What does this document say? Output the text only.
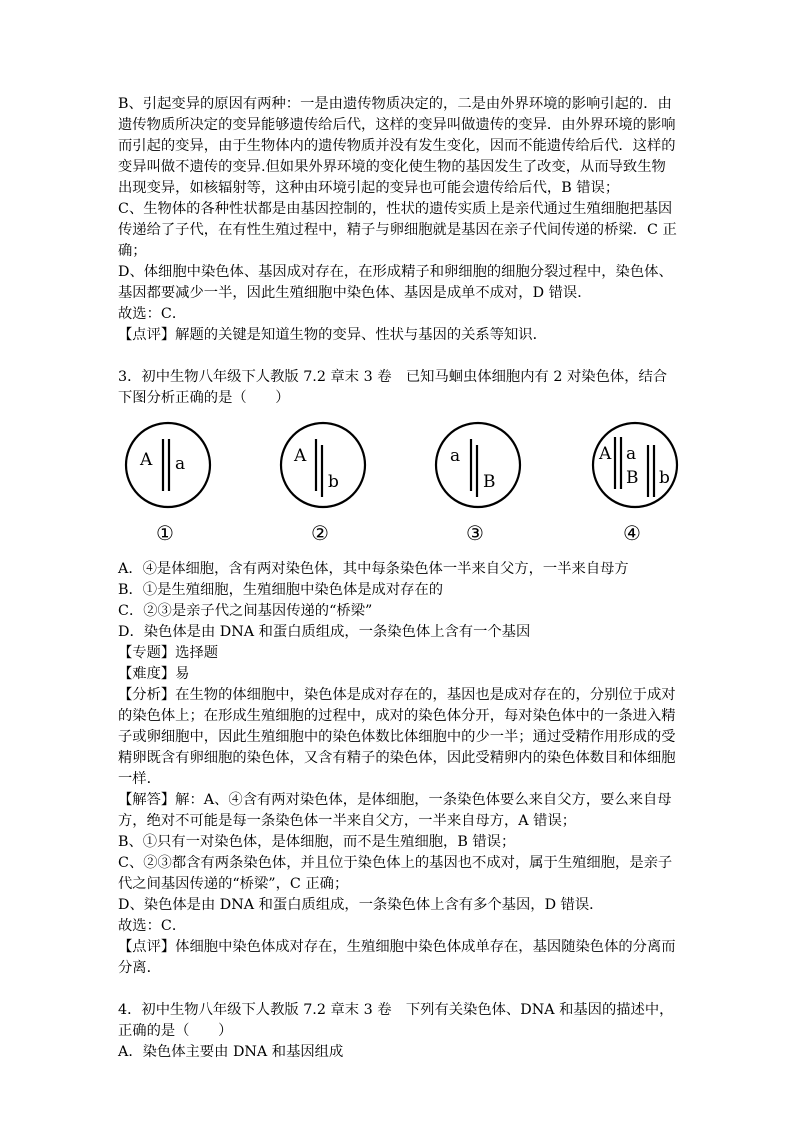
B、引起变异的原因有两种：一是由遗传物质决定的，二是由外界环境的影响引起的．由遗传物质所决定的变异能够遗传给后代，这样的变异叫做遗传的变异．由外界环境的影响而引起的变异，由于生物体内的遗传物质并没有发生变化，因而不能遗传给后代．这样的变异叫做不遗传的变异.但如果外界环境的变化使生物的基因发生了改变，从而导致生物出现变异，如核辐射等，这种由环境引起的变异也可能会遗传给后代，B 错误；

C、生物体的各种性状都是由基因控制的，性状的遗传实质上是亲代通过生殖细胞把基因传递给了子代，在有性生殖过程中，精子与卵细胞就是基因在亲子代间传递的桥梁．C 正确；

D、体细胞中染色体、基因成对存在，在形成精子和卵细胞的细胞分裂过程中，染色体、基因都要减少一半，因此生殖细胞中染色体、基因是成单不成对，D 错误．

故选：C．

【点评】解题的关键是知道生物的变异、性状与基因的关系等知识．

3．初中生物八年级下人教版 7.2 章末 3 卷　已知马蛔虫体细胞内有 2 对染色体，结合下图分析正确的是（　　）

A a
①
A
b
②
a
B
③
A a
B b
④

A．④是体细胞，含有两对染色体，其中每条染色体一半来自父方，一半来自母方

B．①是生殖细胞，生殖细胞中染色体是成对存在的

C．②③是亲子代之间基因传递的“桥梁”

D．染色体是由 DNA 和蛋白质组成，一条染色体上含有一个基因

【专题】选择题

【难度】易

【分析】在生物的体细胞中，染色体是成对存在的，基因也是成对存在的，分别位于成对的染色体上；在形成生殖细胞的过程中，成对的染色体分开，每对染色体中的一条进入精子或卵细胞中，因此生殖细胞中的染色体数比体细胞中的少一半；通过受精作用形成的受精卵既含有卵细胞的染色体，又含有精子的染色体，因此受精卵内的染色体数目和体细胞一样．

【解答】解：A、④含有两对染色体，是体细胞，一条染色体要么来自父方，要么来自母方，绝对不可能是每一条染色体一半来自父方，一半来自母方，A 错误；

B、①只有一对染色体，是体细胞，而不是生殖细胞，B 错误；

C、②③都含有两条染色体，并且位于染色体上的基因也不成对，属于生殖细胞，是亲子代之间基因传递的“桥梁”，C 正确；

D、染色体是由 DNA 和蛋白质组成，一条染色体上含有多个基因，D 错误．

故选：C．

【点评】体细胞中染色体成对存在，生殖细胞中染色体成单存在，基因随染色体的分离而分离．

4．初中生物八年级下人教版 7.2 章末 3 卷　下列有关染色体、DNA 和基因的描述中，正确的是（　　）

A．染色体主要由 DNA 和基因组成
